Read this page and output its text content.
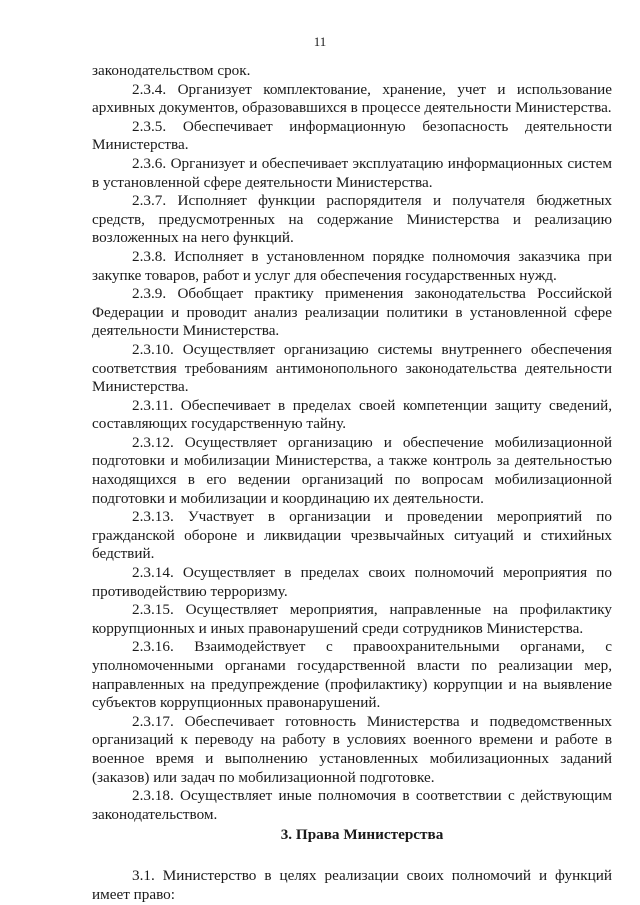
11

законодательством срок.

2.3.4. Организует комплектование, хранение, учет и использование архивных документов, образовавшихся в процессе деятельности Министерства.

2.3.5. Обеспечивает информационную безопасность деятельности Министерства.

2.3.6. Организует и обеспечивает эксплуатацию информационных систем в установленной сфере деятельности Министерства.

2.3.7. Исполняет функции распорядителя и получателя бюджетных средств, предусмотренных на содержание Министерства и реализацию возложенных на него функций.

2.3.8. Исполняет в установленном порядке полномочия заказчика при закупке товаров, работ и услуг для обеспечения государственных нужд.

2.3.9. Обобщает практику применения законодательства Российской Федерации и проводит анализ реализации политики в установленной сфере деятельности Министерства.

2.3.10. Осуществляет организацию системы внутреннего обеспечения соответствия требованиям антимонопольного законодательства деятельности Министерства.

2.3.11. Обеспечивает в пределах своей компетенции защиту сведений, составляющих государственную тайну.

2.3.12. Осуществляет организацию и обеспечение мобилизационной подготовки и мобилизации Министерства, а также контроль за деятельностью находящихся в его ведении организаций по вопросам мобилизационной подготовки и мобилизации и координацию их деятельности.

2.3.13. Участвует в организации и проведении мероприятий по гражданской обороне и ликвидации чрезвычайных ситуаций и стихийных бедствий.

2.3.14. Осуществляет в пределах своих полномочий мероприятия по противодействию терроризму.

2.3.15. Осуществляет мероприятия, направленные на профилактику коррупционных и иных правонарушений среди сотрудников Министерства.

2.3.16. Взаимодействует с правоохранительными органами, с уполномоченными органами государственной власти по реализации мер, направленных на предупреждение (профилактику) коррупции и на выявление субъектов коррупционных правонарушений.

2.3.17. Обеспечивает готовность Министерства и подведомственных организаций к переводу на работу в условиях военного времени и работе в военное время и выполнению установленных мобилизационных заданий (заказов) или задач по мобилизационной подготовке.

2.3.18. Осуществляет иные полномочия в соответствии с действующим законодательством.

3. Права Министерства

3.1. Министерство в целях реализации своих полномочий и функций имеет право:
